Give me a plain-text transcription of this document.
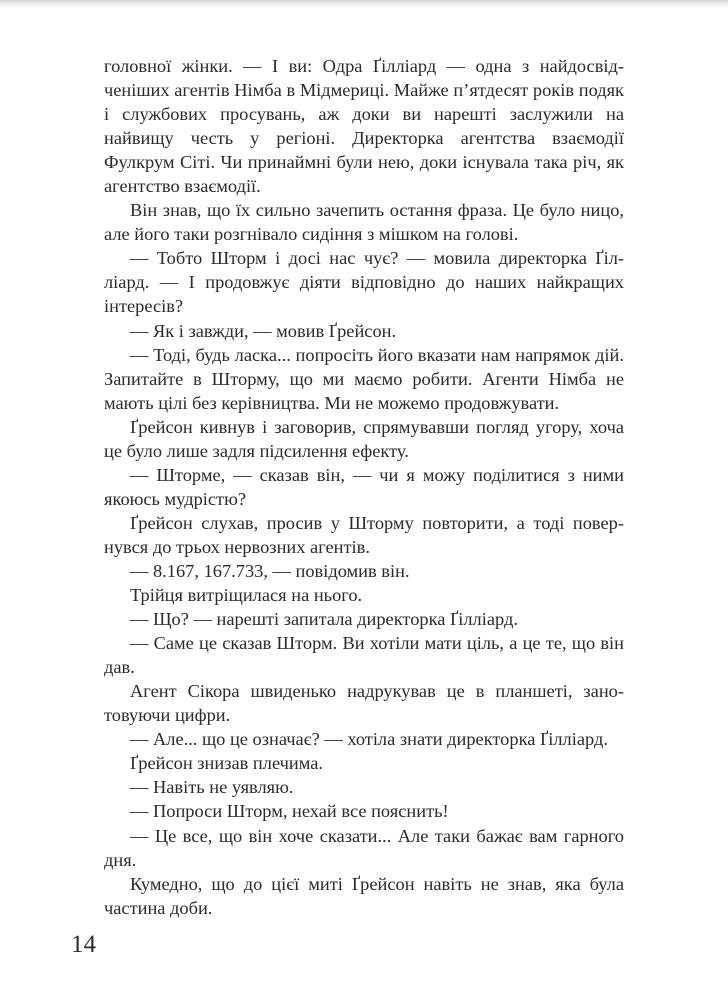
головної жінки. — І ви: Одра Ґілліард — одна з найдосвідченіших агентів Німба в Мідмериці. Майже п’ятдесят років подяк і службових просувань, аж доки ви нарешті заслужили на найвищу честь у регіоні. Директорка агентства взаємодії Фулкрум Сіті. Чи принаймні були нею, доки існувала така річ, як агентство взаємодії.

Він знав, що їх сильно зачепить остання фраза. Це було ницо, але його таки розгнівало сидіння з мішком на голові.

— Тобто Шторм і досі нас чує? — мовила директорка Ґілліард. — І продовжує діяти відповідно до наших найкращих інтересів?

— Як і завжди, — мовив Ґрейсон.

— Тоді, будь ласка... попросіть його вказати нам напрямок дій. Запитайте в Шторму, що ми маємо робити. Агенти Німба не мають цілі без керівництва. Ми не можемо продовжувати.

Ґрейсон кивнув і заговорив, спрямувавши погляд угору, хоча це було лише задля підсилення ефекту.

— Шторме, — сказав він, — чи я можу поділитися з ними якоюсь мудрістю?

Ґрейсон слухав, просив у Шторму повторити, а тоді повернувся до трьох нервозних агентів.

— 8.167, 167.733, — повідомив він.

Трійця витріщилася на нього.

— Що? — нарешті запитала директорка Ґілліард.

— Саме це сказав Шторм. Ви хотіли мати ціль, а це те, що він дав.

Агент Сікора швиденько надрукував це в планшеті, занотовуючи цифри.

— Але... що це означає? — хотіла знати директорка Ґілліард.

Ґрейсон знизав плечима.

— Навіть не уявляю.

— Попроси Шторм, нехай все пояснить!

— Це все, що він хоче сказати... Але таки бажає вам гарного дня.

Кумедно, що до цієї миті Ґрейсон навіть не знав, яка була частина доби.

14
